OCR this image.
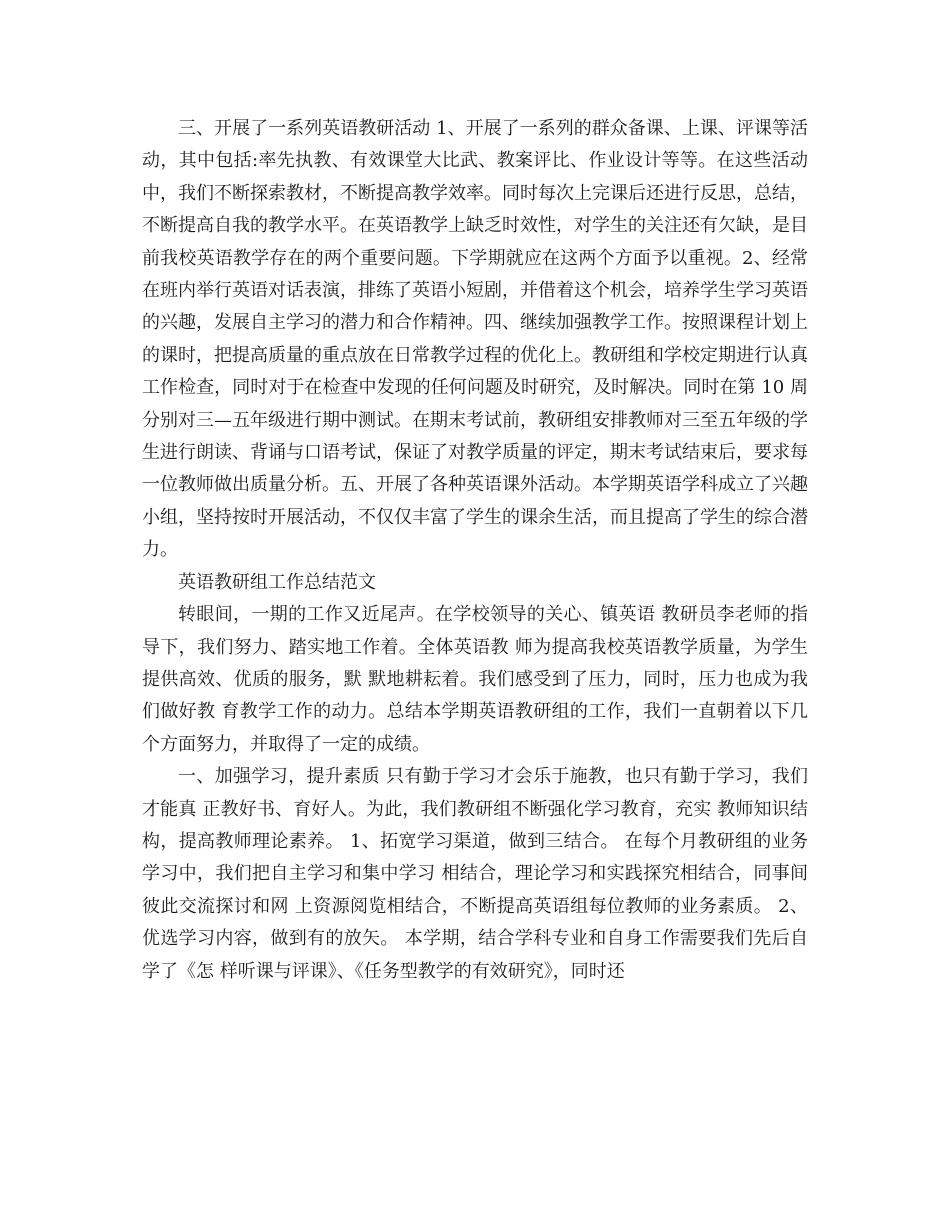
三、开展了一系列英语教研活动 1、开展了一系列的群众备课、上课、评课等活动，其中包括:率先执教、有效课堂大比武、教案评比、作业设计等等。在这些活动中，我们不断探索教材，不断提高教学效率。同时每次上完课后还进行反思，总结，不断提高自我的教学水平。在英语教学上缺乏时效性，对学生的关注还有欠缺，是目前我校英语教学存在的两个重要问题。下学期就应在这两个方面予以重视。2、经常在班内举行英语对话表演，排练了英语小短剧，并借着这个机会，培养学生学习英语的兴趣，发展自主学习的潜力和合作精神。四、继续加强教学工作。按照课程计划上的课时，把提高质量的重点放在日常教学过程的优化上。教研组和学校定期进行认真工作检查，同时对于在检查中发现的任何问题及时研究，及时解决。同时在第 10 周分别对三—五年级进行期中测试。在期末考试前，教研组安排教师对三至五年级的学生进行朗读、背诵与口语考试，保证了对教学质量的评定，期末考试结束后，要求每一位教师做出质量分析。五、开展了各种英语课外活动。本学期英语学科成立了兴趣小组，坚持按时开展活动，不仅仅丰富了学生的课余生活，而且提高了学生的综合潜力。

英语教研组工作总结范文

转眼间，一期的工作又近尾声。在学校领导的关心、镇英语 教研员李老师的指导下，我们努力、踏实地工作着。全体英语教 师为提高我校英语教学质量，为学生提供高效、优质的服务，默 默地耕耘着。我们感受到了压力，同时，压力也成为我们做好教 育教学工作的动力。总结本学期英语教研组的工作，我们一直朝着以下几个方面努力，并取得了一定的成绩。

一、加强学习，提升素质 只有勤于学习才会乐于施教，也只有勤于学习，我们才能真 正教好书、育好人。为此，我们教研组不断强化学习教育，充实 教师知识结构，提高教师理论素养。 1、拓宽学习渠道，做到三结合。 在每个月教研组的业务学习中，我们把自主学习和集中学习 相结合，理论学习和实践探究相结合，同事间彼此交流探讨和网 上资源阅览相结合，不断提高英语组每位教师的业务素质。 2、优选学习内容，做到有的放矢。 本学期，结合学科专业和自身工作需要我们先后自学了《怎 样听课与评课》、《任务型教学的有效研究》，同时还
